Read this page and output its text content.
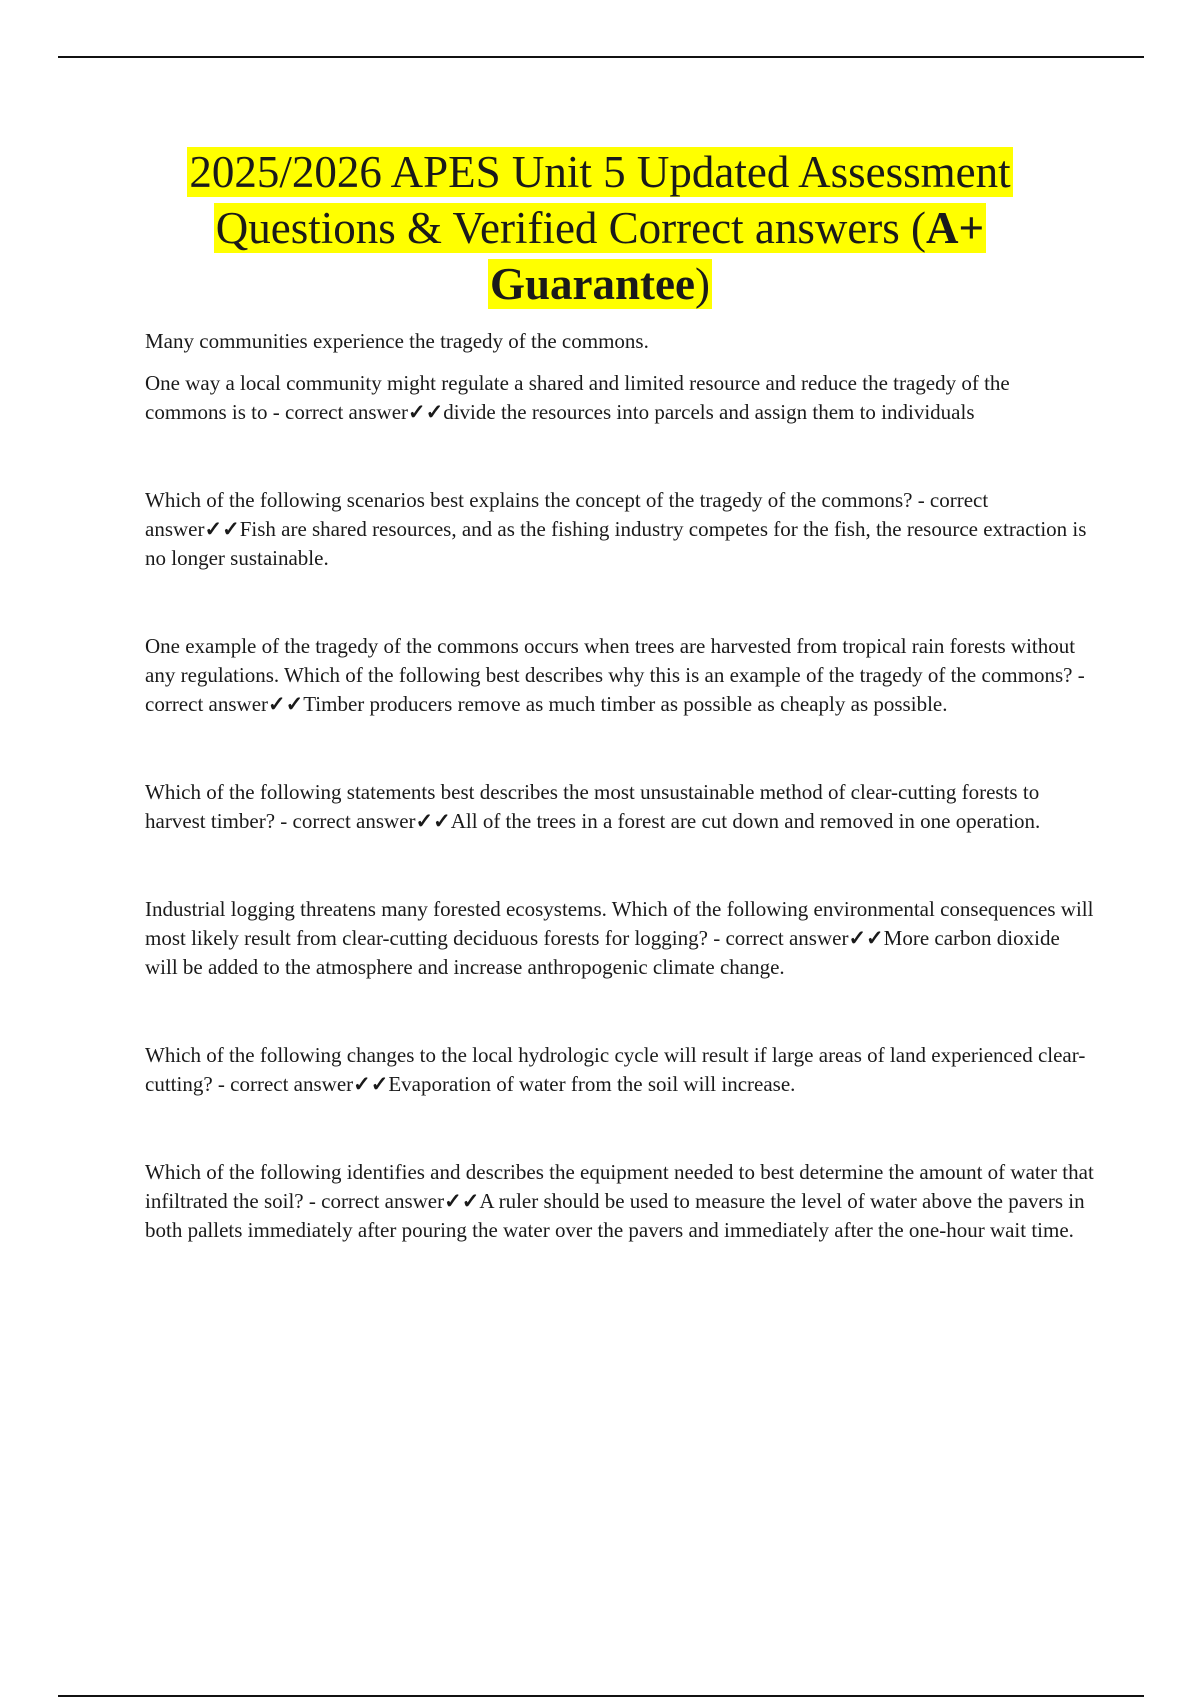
2025/2026 APES Unit 5 Updated Assessment Questions & Verified Correct answers (A+ Guarantee)

Many communities experience the tragedy of the commons.

One way a local community might regulate a shared and limited resource and reduce the tragedy of the commons is to - correct answer✓✓divide the resources into parcels and assign them to individuals

Which of the following scenarios best explains the concept of the tragedy of the commons? - correct answer✓✓Fish are shared resources, and as the fishing industry competes for the fish, the resource extraction is no longer sustainable.

One example of the tragedy of the commons occurs when trees are harvested from tropical rain forests without any regulations. Which of the following best describes why this is an example of the tragedy of the commons? - correct answer✓✓Timber producers remove as much timber as possible as cheaply as possible.

Which of the following statements best describes the most unsustainable method of clear-cutting forests to harvest timber? - correct answer✓✓All of the trees in a forest are cut down and removed in one operation.

Industrial logging threatens many forested ecosystems. Which of the following environmental consequences will most likely result from clear-cutting deciduous forests for logging? - correct answer✓✓More carbon dioxide will be added to the atmosphere and increase anthropogenic climate change.

Which of the following changes to the local hydrologic cycle will result if large areas of land experienced clear-cutting? - correct answer✓✓Evaporation of water from the soil will increase.

Which of the following identifies and describes the equipment needed to best determine the amount of water that infiltrated the soil? - correct answer✓✓A ruler should be used to measure the level of water above the pavers in both pallets immediately after pouring the water over the pavers and immediately after the one-hour wait time.
